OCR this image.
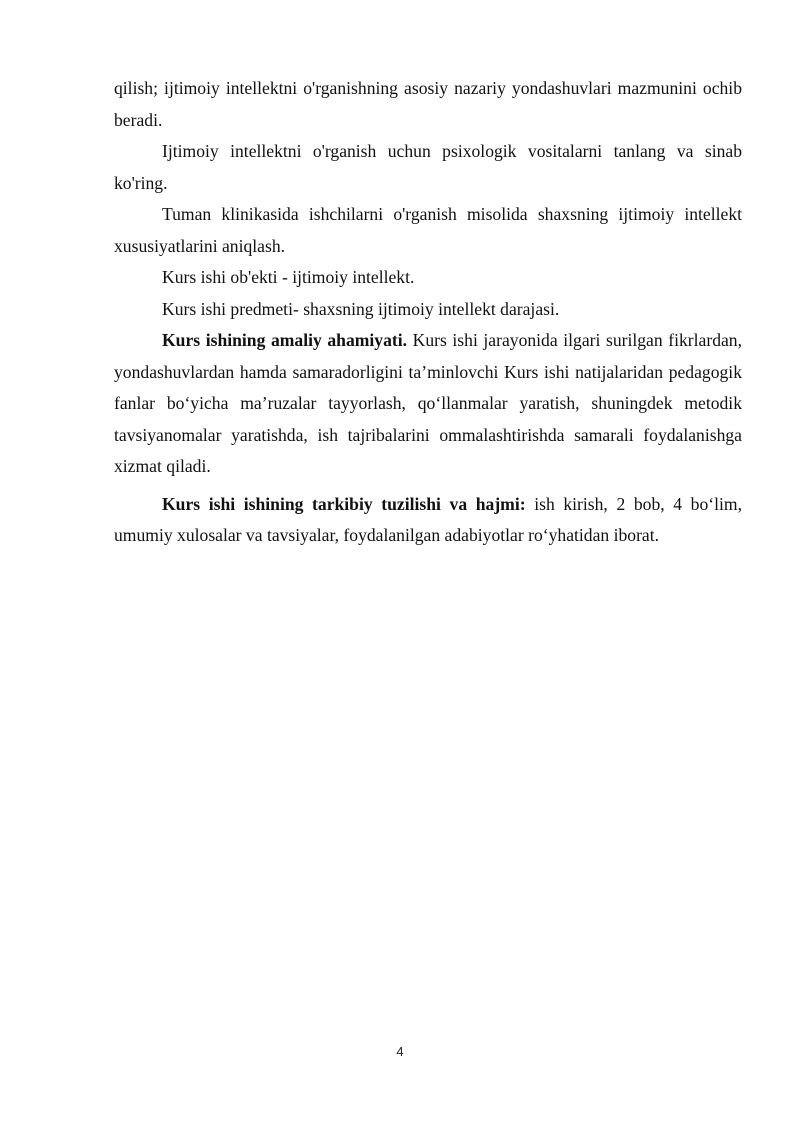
qilish; ijtimoiy intellektni o'rganishning asosiy nazariy yondashuvlari mazmunini ochib beradi.

Ijtimoiy intellektni o'rganish uchun psixologik vositalarni tanlang va sinab ko'ring.

Tuman klinikasida ishchilarni o'rganish misolida shaxsning ijtimoiy intellekt xususiyatlarini aniqlash.

Kurs ishi ob'ekti - ijtimoiy intellekt.

Kurs ishi predmeti- shaxsning ijtimoiy intellekt darajasi.

Kurs ishining amaliy ahamiyati. Kurs ishi jarayonida ilgari surilgan fikrlardan, yondashuvlardan hamda samaradorligini ta’minlovchi Kurs ishi natijalaridan pedagogik fanlar bo‘yicha ma’ruzalar tayyorlash, qo‘llanmalar yaratish, shuningdek metodik tavsiyanomalar yaratishda, ish tajribalarini ommalashtirishda samarali foydalanishga xizmat qiladi.

Kurs ishi ishining tarkibiy tuzilishi va hajmi: ish kirish, 2 bob, 4 bo‘lim, umumiy xulosalar va tavsiyalar, foydalanilgan adabiyotlar ro‘yhatidan iborat.

4
